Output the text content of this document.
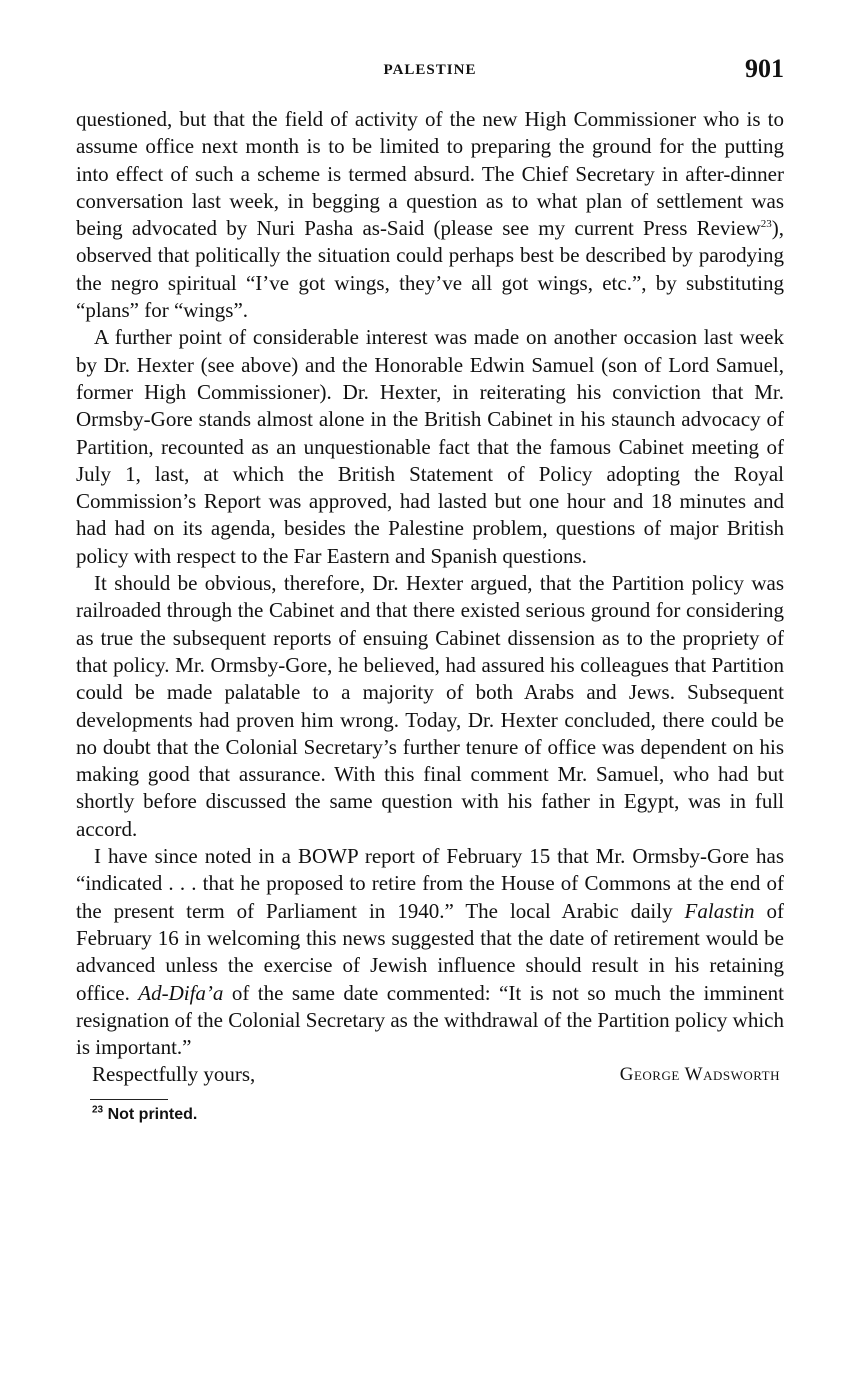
PALESTINE	901

questioned, but that the field of activity of the new High Commissioner who is to assume office next month is to be limited to preparing the ground for the putting into effect of such a scheme is termed absurd. The Chief Secretary in after-dinner conversation last week, in begging a question as to what plan of settlement was being advocated by Nuri Pasha as-Said (please see my current Press Review$^{23}$), observed that politically the situation could perhaps best be described by parodying the negro spiritual “I’ve got wings, they’ve all got wings, etc.”, by substituting “plans” for “wings”.

A further point of considerable interest was made on another occasion last week by Dr. Hexter (see above) and the Honorable Edwin Samuel (son of Lord Samuel, former High Commissioner). Dr. Hexter, in reiterating his conviction that Mr. Ormsby-Gore stands almost alone in the British Cabinet in his staunch advocacy of Partition, recounted as an unquestionable fact that the famous Cabinet meeting of July 1, last, at which the British Statement of Policy adopting the Royal Commission’s Report was approved, had lasted but one hour and 18 minutes and had had on its agenda, besides the Palestine problem, questions of major British policy with respect to the Far Eastern and Spanish questions.

It should be obvious, therefore, Dr. Hexter argued, that the Partition policy was railroaded through the Cabinet and that there existed serious ground for considering as true the subsequent reports of ensuing Cabinet dissension as to the propriety of that policy. Mr. Ormsby-Gore, he believed, had assured his colleagues that Partition could be made palatable to a majority of both Arabs and Jews. Subsequent developments had proven him wrong. Today, Dr. Hexter concluded, there could be no doubt that the Colonial Secretary’s further tenure of office was dependent on his making good that assurance. With this final comment Mr. Samuel, who had but shortly before discussed the same question with his father in Egypt, was in full accord.

I have since noted in a BOWP report of February 15 that Mr. Ormsby-Gore has “indicated . . . that he proposed to retire from the House of Commons at the end of the present term of Parliament in 1940.” The local Arabic daily Falastin of February 16 in welcoming this news suggested that the date of retirement would be advanced unless the exercise of Jewish influence should result in his retaining office. Ad-Difa’a of the same date commented: “It is not so much the imminent resignation of the Colonial Secretary as the withdrawal of the Partition policy which is important.”

Respectfully yours,	George Wadsworth
$^{23}$ Not printed.
